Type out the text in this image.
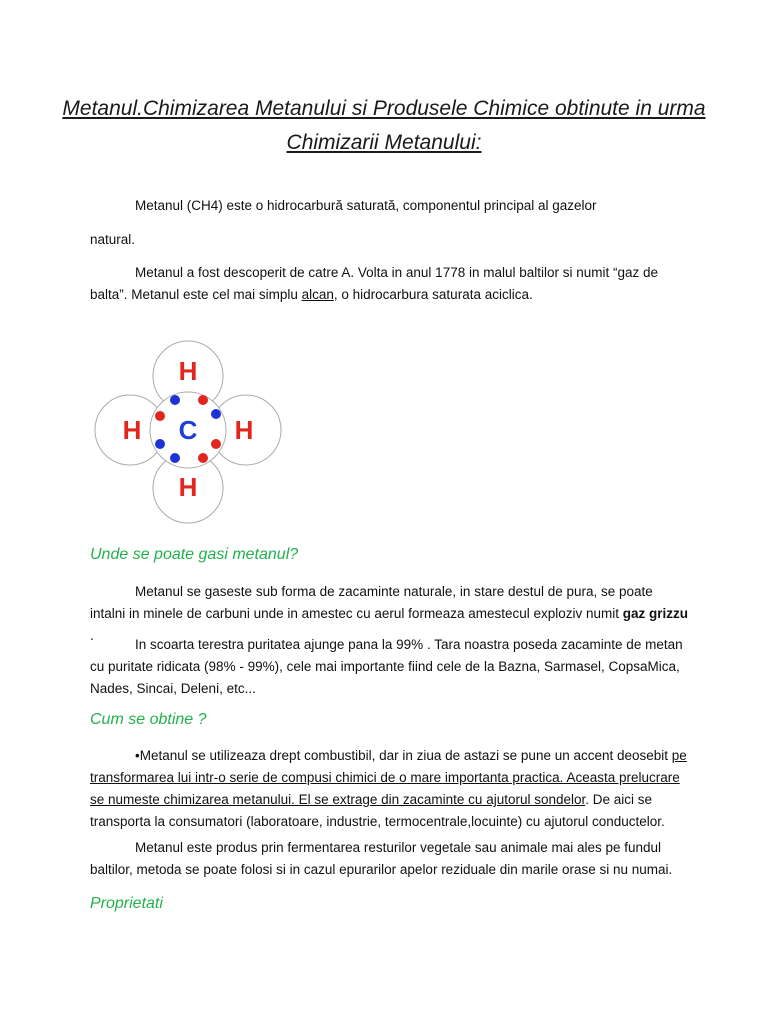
Metanul.Chimizarea Metanului si Produsele Chimice obtinute in urma
Chimizarii Metanului:
Metanul (CH4) este o hidrocarbură saturată, componentul principal al gazelor
natural.
Metanul a fost descoperit de catre A. Volta in anul 1778 in malul baltilor si numit “gaz de balta”. Metanul este cel mai simplu alcan, o hidrocarbura saturata aciclica.
H
H	H
H
C
Unde se poate gasi metanul?
Metanul se gaseste sub forma de zacaminte naturale, in stare destul de pura, se poate intalni in minele de carbuni unde in amestec cu aerul formeaza amestecul exploziv numit gaz grizzu .
In scoarta terestra puritatea ajunge pana la 99% . Tara noastra poseda zacaminte de metan cu puritate ridicata (98% - 99%), cele mai importante fiind cele de la Bazna, Sarmasel, CopsaMica, Nades, Sincai, Deleni, etc...
Cum se obtine ?
•Metanul se utilizeaza drept combustibil, dar in ziua de astazi se pune un accent deosebit pe transformarea lui intr-o serie de compusi chimici de o mare importanta practica. Aceasta prelucrare se numeste chimizarea metanului. El se extrage din zacaminte cu ajutorul sondelor. De aici se transporta la consumatori (laboratoare, industrie, termocentrale,locuinte) cu ajutorul conductelor.
Metanul este produs prin fermentarea resturilor vegetale sau animale mai ales pe fundul baltilor, metoda se poate folosi si in cazul epurarilor apelor reziduale din marile orase si nu numai.
Proprietati
